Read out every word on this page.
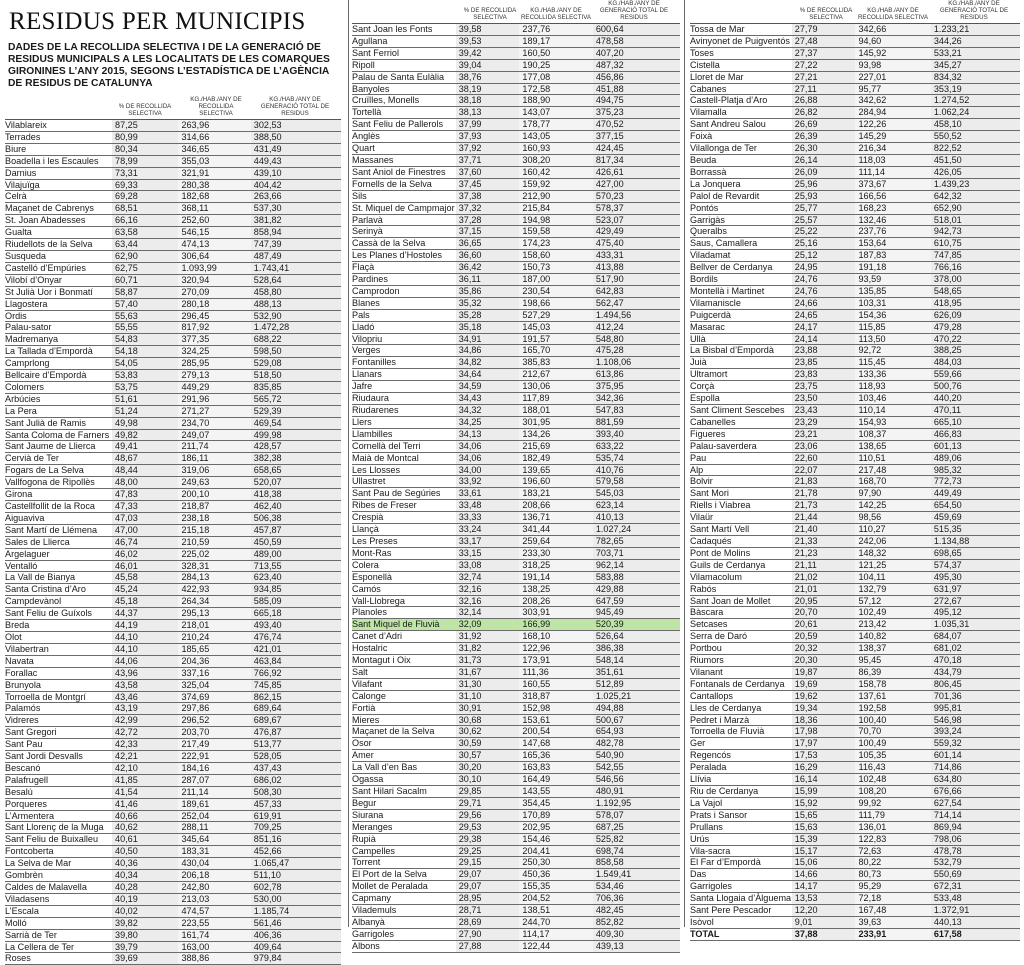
RESIDUS PER MUNICIPIS
DADES DE LA RECOLLIDA SELECTIVA I DE LA GENERACIÓ DE RESIDUS MUNICIPALS A LES LOCALITATS DE LES COMARQUES GIRONINES L’ANY 2015, SEGONS L’ESTADÍSTICA DE L’AGÈNCIA DE RESIDUS DE CATALUNYA
% DE RECOLLIDA SELECTIVA
KG./HAB./ANY DE RECOLLIDA SELECTIVA
KG./HAB./ANY DE GENERACIÓ TOTAL DE RESIDUS
Vilablareix	87,25	263,96	302,53
Terrades	80,99	314,66	388,50
Biure	80,34	346,65	431,49
Boadella i les Escaules	78,99	355,03	449,43
Darnius	73,31	321,91	439,10
Vilajuïga	69,33	280,38	404,42
Celrà	69,28	182,68	263,66
Maçanet de Cabrenys	68,51	368,11	537,30
St. Joan Abadesses	66,16	252,60	381,82
Gualta	63,58	546,15	858,94
Riudellots de la Selva	63,44	474,13	747,39
Susqueda	62,90	306,64	487,49
Castelló d’Empúries	62,75	1.093,99	1.743,41
Vilobí d’Onyar	60,71	320,94	528,64
St Julià Uor i Bonmatí	58,87	270,09	458,80
Llagostera	57,40	280,18	488,13
Ordis	55,63	296,45	532,90
Palau-sator	55,55	817,92	1.472,28
Madremanya	54,83	377,35	688,22
La Tallada d’Empordà	54,18	324,25	598,50
Camprlong	54,05	285,95	529,08
Bellcaire d’Empordà	53,83	279,13	518,50
Colomers	53,75	449,29	835,85
Arbúcies	51,61	291,96	565,72
La Pera	51,24	271,27	529,39
Sant Julià de Ramis	49,98	234,70	469,54
Santa Coloma de Farners 49,82	249,07	499,98
Sant Jaume de Llierca	49,41	211,74	428,57
Cervià de Ter	48,67	186,11	382,38
Fogars de La Selva	48,44	319,06	658,65
Vallfogona de Ripollès	48,00	249,63	520,07
Girona	47,83	200,10	418,38
Castellfollit de la Roca	47,33	218,87	462,40
Aiguaviva	47,03	238,18	506,38
Sant Martí de Llémena	47,00	215,18	457,87
Sales de Llierca	46,74	210,59	450,59
Argelaguer	46,02	225,02	489,00
Ventalló	46,01	328,31	713,55
La Vall de Bianya	45,58	284,13	623,40
Santa Cristina d’Aro	45,24	422,93	934,85
Campdevànol	45,18	264,34	585,09
Sant Feliu de Guíxols	44,37	295,13	665,18
Breda	44,19	218,01	493,40
Olot	44,10	210,24	476,74
Vilabertran	44,10	185,65	421,01
Navata	44,06	204,36	463,84
Forallac	43,96	337,16	766,92
Brunyola	43,58	325,04	745,85
Torroella de Montgrí	43,46	374,69	862,15
Palamós	43,19	297,86	689,64
Vidreres	42,99	296,52	689,67
Sant Gregori	42,72	203,70	476,87
Sant Pau	42,33	217,49	513,77
Sant Jordi Desvalls	42,21	222,91	528,05
Bescanó	42,10	184,16	437,43
Palafrugell	41,85	287,07	686,02
Besalú	41,54	211,14	508,30
Porqueres	41,46	189,61	457,33
L’Armentera	40,66	252,04	619,91
Sant Llorenç de la Muga	40,62	288,11	709,25
Sant Feliu de Buixalleu	40,61	345,64	851,16
Fontcoberta	40,50	183,31	452,66
La Selva de Mar	40,36	430,04	1.065,47
Gombrèn	40,34	206,18	511,10
Caldes de Malavella	40,28	242,80	602,78
Viladasens	40,19	213,03	530,00
L’Escala	40,02	474,57	1.185,74
Molló	39,82	223,55	561,46
Sarrià de Ter	39,80	161,74	406,36
La Cellera de Ter	39,79	163,00	409,64
Roses	39,69	388,86	979,84
% DE RECOLLIDA SELECTIVA
KG./HAB./ANY DE RECOLLIDA SELECTIVA
KG./HAB./ANY DE GENERACIÓ TOTAL DE RESIDUS
Sant Joan les Fonts	39,58	237,76	600,64
Agullana	39,53	189,17	478,58
Sant Ferriol	39,42	160,50	407,20
Ripoll	39,04	190,25	487,32
Palau de Santa Eulàlia	38,76	177,08	456,86
Banyoles	38,19	172,58	451,88
Cruïlles, Monells	38,18	188,90	494,75
Tortellà	38,13	143,07	375,23
Sant Feliu de Pallerols	37,99	178,77	470,52
Anglès	37,93	143,05	377,15
Quart	37,92	160,93	424,45
Massanes	37,71	308,20	817,34
Sant Aniol de Finestres	37,60	160,42	426,61
Fornells de la Selva	37,45	159,92	427,00
Sils	37,38	212,90	570,23
St. Miquel de Campmajor 37,32	215,84	578,37
Parlavà	37,28	194,98	523,07
Serinyà	37,15	159,58	429,49
Cassà de la Selva	36,65	174,23	475,40
Les Planes d’Hostoles	36,60	158,60	433,31
Flaçà	36,42	150,73	413,88
Pardines	36,11	187,00	517,90
Camprodon	35,86	230,54	642,83
Blanes	35,32	198,66	562,47
Pals	35,28	527,29	1.494,56
Lladó	35,18	145,03	412,24
Vilopriu	34,91	191,57	548,80
Verges	34,86	165,70	475,28
Fontanilles	34,82	385,83	1.108,06
Llanars	34,64	212,67	613,86
Jafre	34,59	130,06	375,95
Riudaura	34,43	117,89	342,36
Riudarenes	34,32	188,01	547,83
Llers	34,25	301,95	881,59
Llambilles	34,13	134,26	393,40
Cornellà del Terri	34,06	215,69	633,22
Maià de Montcal	34,06	182,49	535,74
Les Llosses	34,00	139,65	410,76
Ullastret	33,92	196,60	579,58
Sant Pau de Segúries	33,61	183,21	545,03
Ribes de Freser	33,48	208,66	623,14
Crespià	33,33	136,71	410,13
Llançà	33,24	341,44	1.027,24
Les Preses	33,17	259,64	782,65
Mont-Ras	33,15	233,30	703,71
Colera	33,08	318,25	962,14
Esponellà	32,74	191,14	583,88
Camós	32,16	138,25	429,88
Vall-Llobrega	32,16	208,26	647,59
Planoles	32,14	303,91	945,49
Sant Miquel de Fluvià	32,09	166,99	520,39
Canet d’Adri	31,92	168,10	526,64
Hostalric	31,82	122,96	386,38
Montagut i Oix	31,73	173,91	548,14
Salt	31,67	111,36	351,61
Vilafant	31,30	160,55	512,89
Calonge	31,10	318,87	1.025,21
Fortià	30,91	152,98	494,88
Mieres	30,68	153,61	500,67
Maçanet de la Selva	30,62	200,54	654,93
Osor	30,59	147,68	482,78
Amer	30,57	165,36	540,90
La Vall d’en Bas	30,20	163,83	542,55
Ogassa	30,10	164,49	546,56
Sant Hilari Sacalm	29,85	143,55	480,91
Begur	29,71	354,45	1.192,95
Siurana	29,56	170,89	578,07
Meranges	29,53	202,95	687,25
Rupià	29,38	154,46	525,82
Campelles	29,25	204,41	698,74
Torrent	29,15	250,30	858,58
El Port de la Selva	29,07	450,36	1.549,41
Mollet de Peralada	29,07	155,35	534,46
Capmany	28,95	204,52	706,36
Vilademuls	28,71	138,51	482,45
Albanyà	28,69	244,70	852,82
Garrigoles	27,90	114,17	409,30
Albons	27,88	122,44	439,13
% DE RECOLLIDA SELECTIVA
KG./HAB./ANY DE RECOLLIDA SELECTIVA
KG./HAB./ANY DE GENERACIÓ TOTAL DE RESIDUS
Tossa de Mar	27,79	342,66	1.233,21
Avinyonet de Puigventós 27,48	94,60	344,26
Toses	27,37	145,92	533,21
Cistella	27,22	93,98	345,27
Lloret de Mar	27,21	227,01	834,32
Cabanes	27,11	95,77	353,19
Castell-Platja d’Aro	26,88	342,62	1.274,52
Vilamalla	26,82	284,94	1.062,24
Sant Andreu Salou	26,69	122,26	458,10
Foixà	26,39	145,29	550,52
Vilallonga de Ter	26,30	216,34	822,52
Beuda	26,14	118,03	451,50
Borrassà	26,09	111,14	426,05
La Jonquera	25,96	373,67	1.439,23
Palol de Revardit	25,93	166,56	642,32
Pontós	25,77	168,23	652,90
Garrigàs	25,57	132,46	518,01
Queralbs	25,22	237,76	942,73
Saus, Camallera	25,16	153,64	610,75
Viladamat	25,12	187,83	747,85
Bellver de Cerdanya	24,95	191,18	766,16
Bordils	24,76	93,59	378,00
Montellà i Martinet	24,76	135,85	548,65
Vilamaniscle	24,66	103,31	418,95
Puigcerdà	24,65	154,36	626,09
Masarac	24,17	115,85	479,28
Ullà	24,14	113,50	470,22
La Bisbal d’Empordà	23,88	92,72	388,25
Juià	23,85	115,45	484,03
Ultramort	23,83	133,36	559,66
Corçà	23,75	118,93	500,76
Espolla	23,50	103,46	440,20
Sant Climent Sescebes	23,43	110,14	470,11
Cabanelles	23,29	154,93	665,10
Figueres	23,21	108,37	466,83
Palau-saverdera	23,06	138,65	601,13
Pau	22,60	110,51	489,06
Alp	22,07	217,48	985,32
Bolvir	21,83	168,70	772,73
Sant Mori	21,78	97,90	449,49
Riells i Viabrea	21,73	142,25	654,50
Vilaür	21,44	98,56	459,69
Sant Martí Vell	21,40	110,27	515,35
Cadaqués	21,33	242,06	1.134,88
Pont de Molins	21,23	148,32	698,65
Guils de Cerdanya	21,11	121,25	574,37
Vilamacolum	21,02	104,11	495,30
Rabós	21,01	132,79	631,97
Sant Joan de Mollet	20,95	57,12	272,67
Bàscara	20,70	102,49	495,12
Setcases	20,61	213,42	1.035,31
Serra de Daró	20,59	140,82	684,07
Portbou	20,32	138,37	681,02
Riumors	20,30	95,45	470,18
Vilanant	19,87	86,39	434,79
Fontanals de Cerdanya	19,69	158,78	806,45
Cantallops	19,62	137,61	701,36
Lles de Cerdanya	19,34	192,58	995,81
Pedret i Marzà	18,36	100,40	546,98
Torroella de Fluvià	17,98	70,70	393,24
Ger	17,97	100,49	559,32
Regencós	17,53	105,35	601,14
Peralada	16,29	116,43	714,86
Llívia	16,14	102,48	634,80
Riu de Cerdanya	15,99	108,20	676,66
La Vajol	15,92	99,92	627,54
Prats i Sansor	15,65	111,79	714,14
Prullans	15,63	136,01	869,94
Urús	15,39	122,83	798,06
Vila-sacra	15,17	72,63	478,78
El Far d’Empordà	15,06	80,22	532,79
Das	14,66	80,73	550,69
Garrigoles	14,17	95,29	672,31
Santa Llogaia d’Àlguema 13,53	72,18	533,48
Sant Pere Pescador	12,20	167,48	1.372,91
Isòvol	9,01	39,63	440,13
TOTAL	37,88	233,91	617,58
